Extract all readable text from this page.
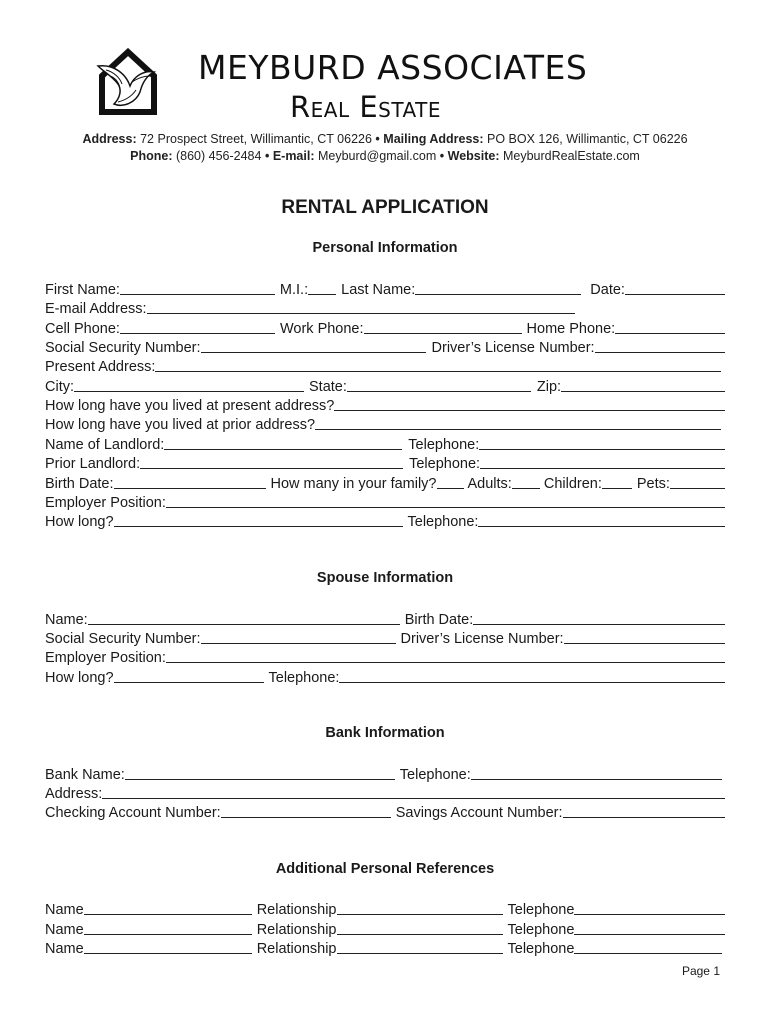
MEYBURD ASSOCIATES
Real Estate
Address: 72 Prospect Street, Willimantic, CT 06226 • Mailing Address: PO BOX 126, Willimantic, CT 06226
Phone: (860) 456-2484 • E-mail: Meyburd@gmail.com • Website: MeyburdRealEstate.com
RENTAL APPLICATION
Personal Information
First Name:	M.I.: Last Name:	Date:
E-mail Address:
Cell Phone:	Work Phone:	Home Phone:
Social Security Number:	Driver’s License Number:
Present Address:
City:	State:	Zip:
How long have you lived at present address?
How long have you lived at prior address?
Name of Landlord:	Telephone:
Prior Landlord:	Telephone:
Birth Date:	How many in your family? Adults: Children: Pets:
Employer Position:
How long?	Telephone:
Spouse Information
Name:	Birth Date:
Social Security Number:	Driver’s License Number:
Employer Position:
How long?	Telephone:
Bank Information
Bank Name:	Telephone:
Address:
Checking Account Number:	Savings Account Number:
Additional Personal References
Name	Relationship	Telephone
Name	Relationship	Telephone
Name	Relationship	Telephone
Page 1
